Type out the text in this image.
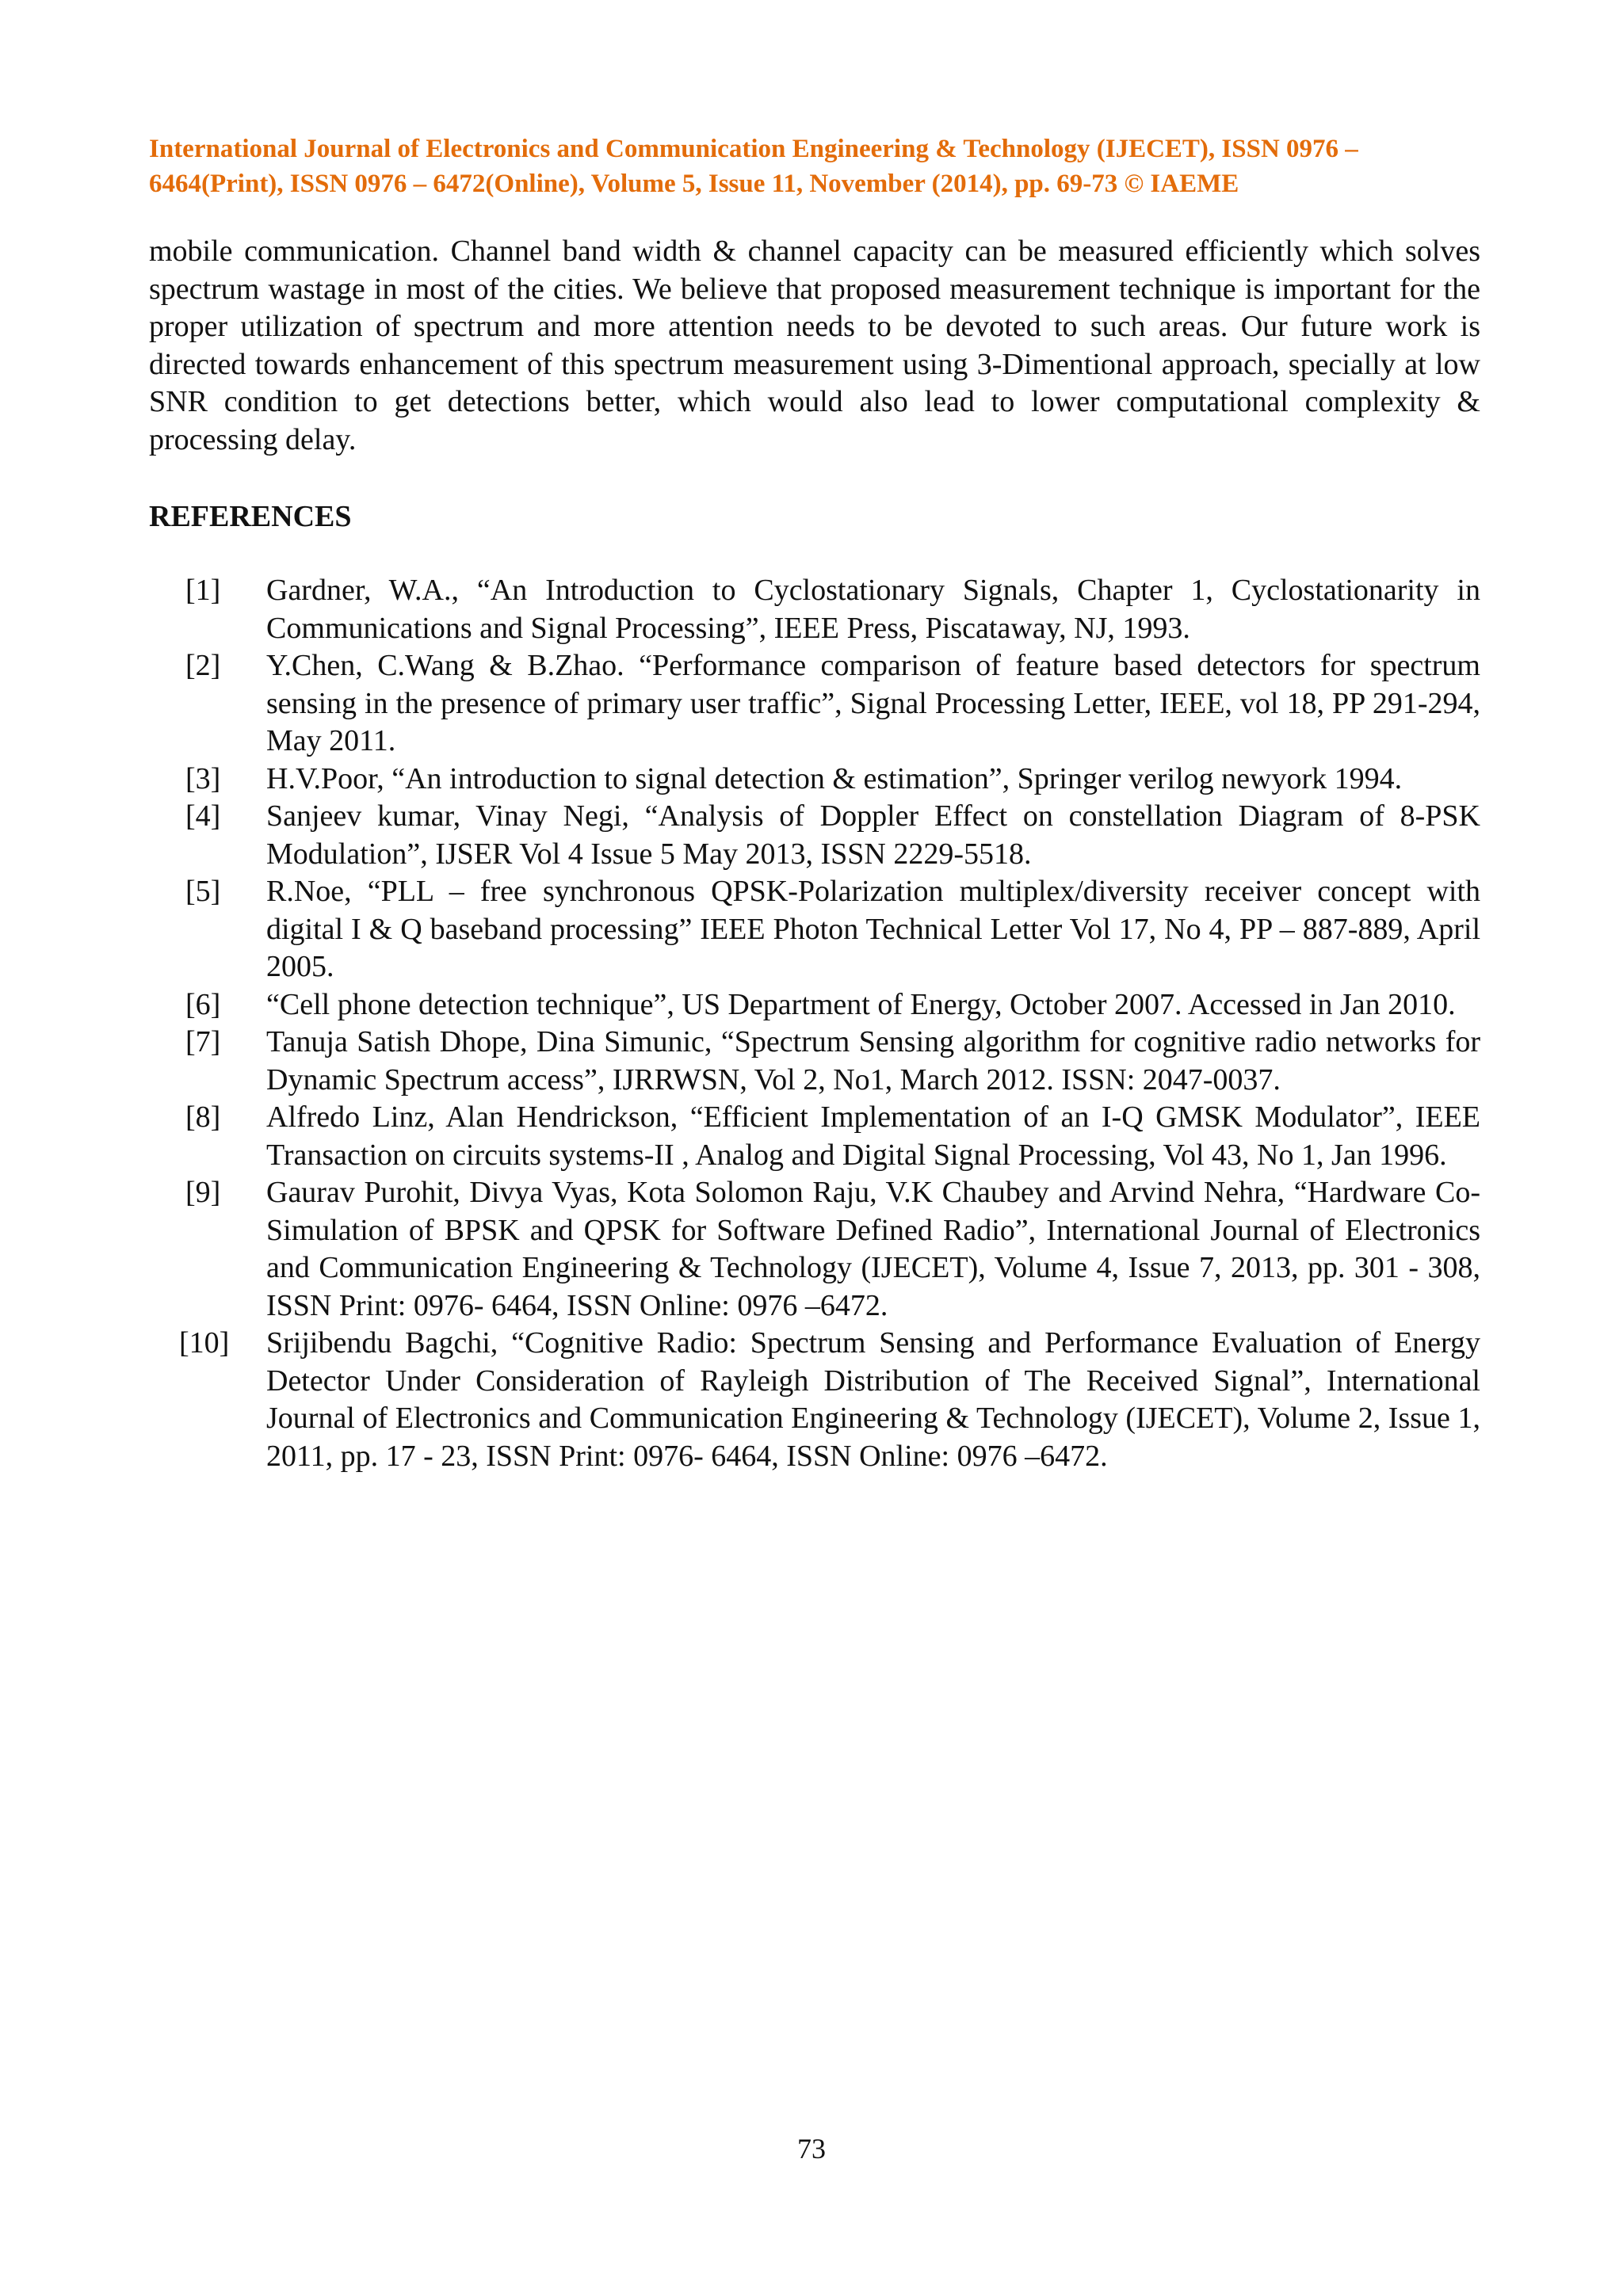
International Journal of Electronics and Communication Engineering & Technology (IJECET), ISSN 0976 –
6464(Print), ISSN 0976 – 6472(Online), Volume 5, Issue 11, November (2014), pp. 69-73 © IAEME

mobile communication. Channel band width & channel capacity can be measured efficiently which solves spectrum wastage in most of the cities. We believe that proposed measurement technique is important for the proper utilization of spectrum and more attention needs to be devoted to such areas. Our future work is directed towards enhancement of this spectrum measurement using 3-Dimentional approach, specially at low SNR condition to get detections better, which would also lead to lower computational complexity & processing delay.

REFERENCES
[1] Gardner, W.A., “An Introduction to Cyclostationary Signals, Chapter 1, Cyclostationarity in Communications and Signal Processing”, IEEE Press, Piscataway, NJ, 1993.
[2] Y.Chen, C.Wang & B.Zhao. “Performance comparison of feature based detectors for spectrum sensing in the presence of primary user traffic”, Signal Processing Letter, IEEE, vol 18, PP 291-294, May 2011.
[3] H.V.Poor, “An introduction to signal detection & estimation”, Springer verilog newyork 1994.
[4] Sanjeev kumar, Vinay Negi, “Analysis of Doppler Effect on constellation Diagram of 8-PSK Modulation”, IJSER Vol 4 Issue 5 May 2013, ISSN 2229-5518.
[5] R.Noe, “PLL – free synchronous QPSK-Polarization multiplex/diversity receiver concept with digital I & Q baseband processing” IEEE Photon Technical Letter Vol 17, No 4, PP – 887-889, April 2005.
[6] “Cell phone detection technique”, US Department of Energy, October 2007. Accessed in Jan 2010.
[7] Tanuja Satish Dhope, Dina Simunic, “Spectrum Sensing algorithm for cognitive radio networks for Dynamic Spectrum access”, IJRRWSN, Vol 2, No1, March 2012. ISSN: 2047-0037.
[8] Alfredo Linz, Alan Hendrickson, “Efficient Implementation of an I-Q GMSK Modulator”, IEEE Transaction on circuits systems-II , Analog and Digital Signal Processing, Vol 43, No 1, Jan 1996.
[9] Gaurav Purohit, Divya Vyas, Kota Solomon Raju, V.K Chaubey and Arvind Nehra, “Hardware Co-Simulation of BPSK and QPSK for Software Defined Radio”, International Journal of Electronics and Communication Engineering & Technology (IJECET), Volume 4, Issue 7, 2013, pp. 301 - 308, ISSN Print: 0976- 6464, ISSN Online: 0976 –6472.
[10] Srijibendu Bagchi, “Cognitive Radio: Spectrum Sensing and Performance Evaluation of Energy Detector Under Consideration of Rayleigh Distribution of The Received Signal”, International Journal of Electronics and Communication Engineering & Technology (IJECET), Volume 2, Issue 1, 2011, pp. 17 - 23, ISSN Print: 0976- 6464, ISSN Online: 0976 –6472.
73
